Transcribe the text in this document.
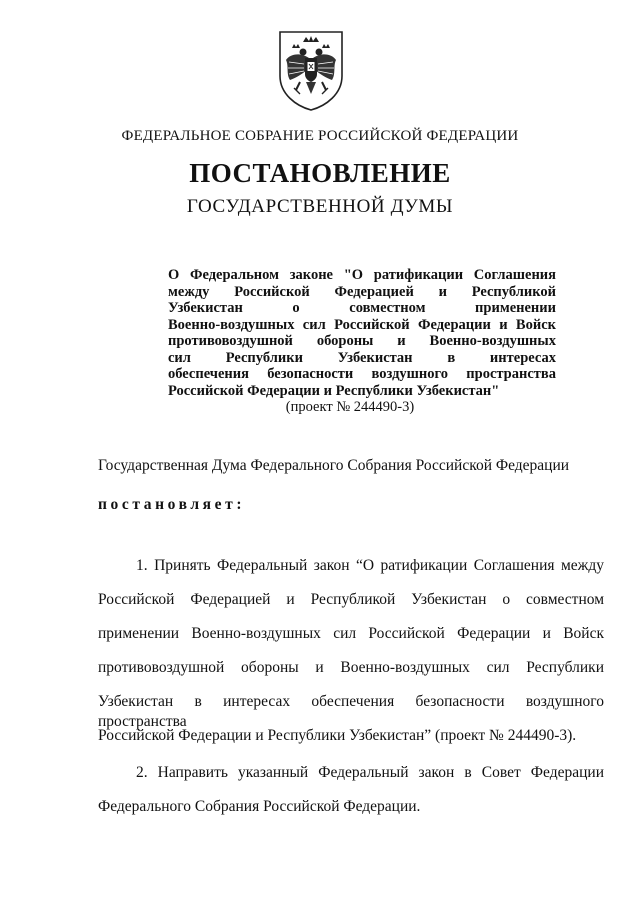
ФЕДЕРАЛЬНОЕ СОБРАНИЕ РОССИЙСКОЙ ФЕДЕРАЦИИ
ПОСТАНОВЛЕНИЕ
ГОСУДАРСТВЕННОЙ ДУМЫ
О Федеральном законе "О ратификации Соглашения
между Российской Федерацией и Республикой
Узбекистан о совместном применении
Военно-воздушных сил Российской Федерации и Войск
противовоздушной обороны и Военно-воздушных
сил Республики Узбекистан в интересах
обеспечения безопасности воздушного пространства
Российской Федерации и Республики Узбекистан"
(проект № 244490-3)
Государственная Дума Федерального Собрания Российской Федерации
постановляет:
1. Принять Федеральный закон “О ратификации Соглашения между
Российской Федерацией и Республикой Узбекистан о совместном
применении Военно-воздушных сил Российской Федерации и Войск
противовоздушной обороны и Военно-воздушных сил Республики
Узбекистан в интересах обеспечения безопасности воздушного пространства
Российской Федерации и Республики Узбекистан” (проект № 244490-3).
2. Направить указанный Федеральный закон в Совет Федерации
Федерального Собрания Российской Федерации.
